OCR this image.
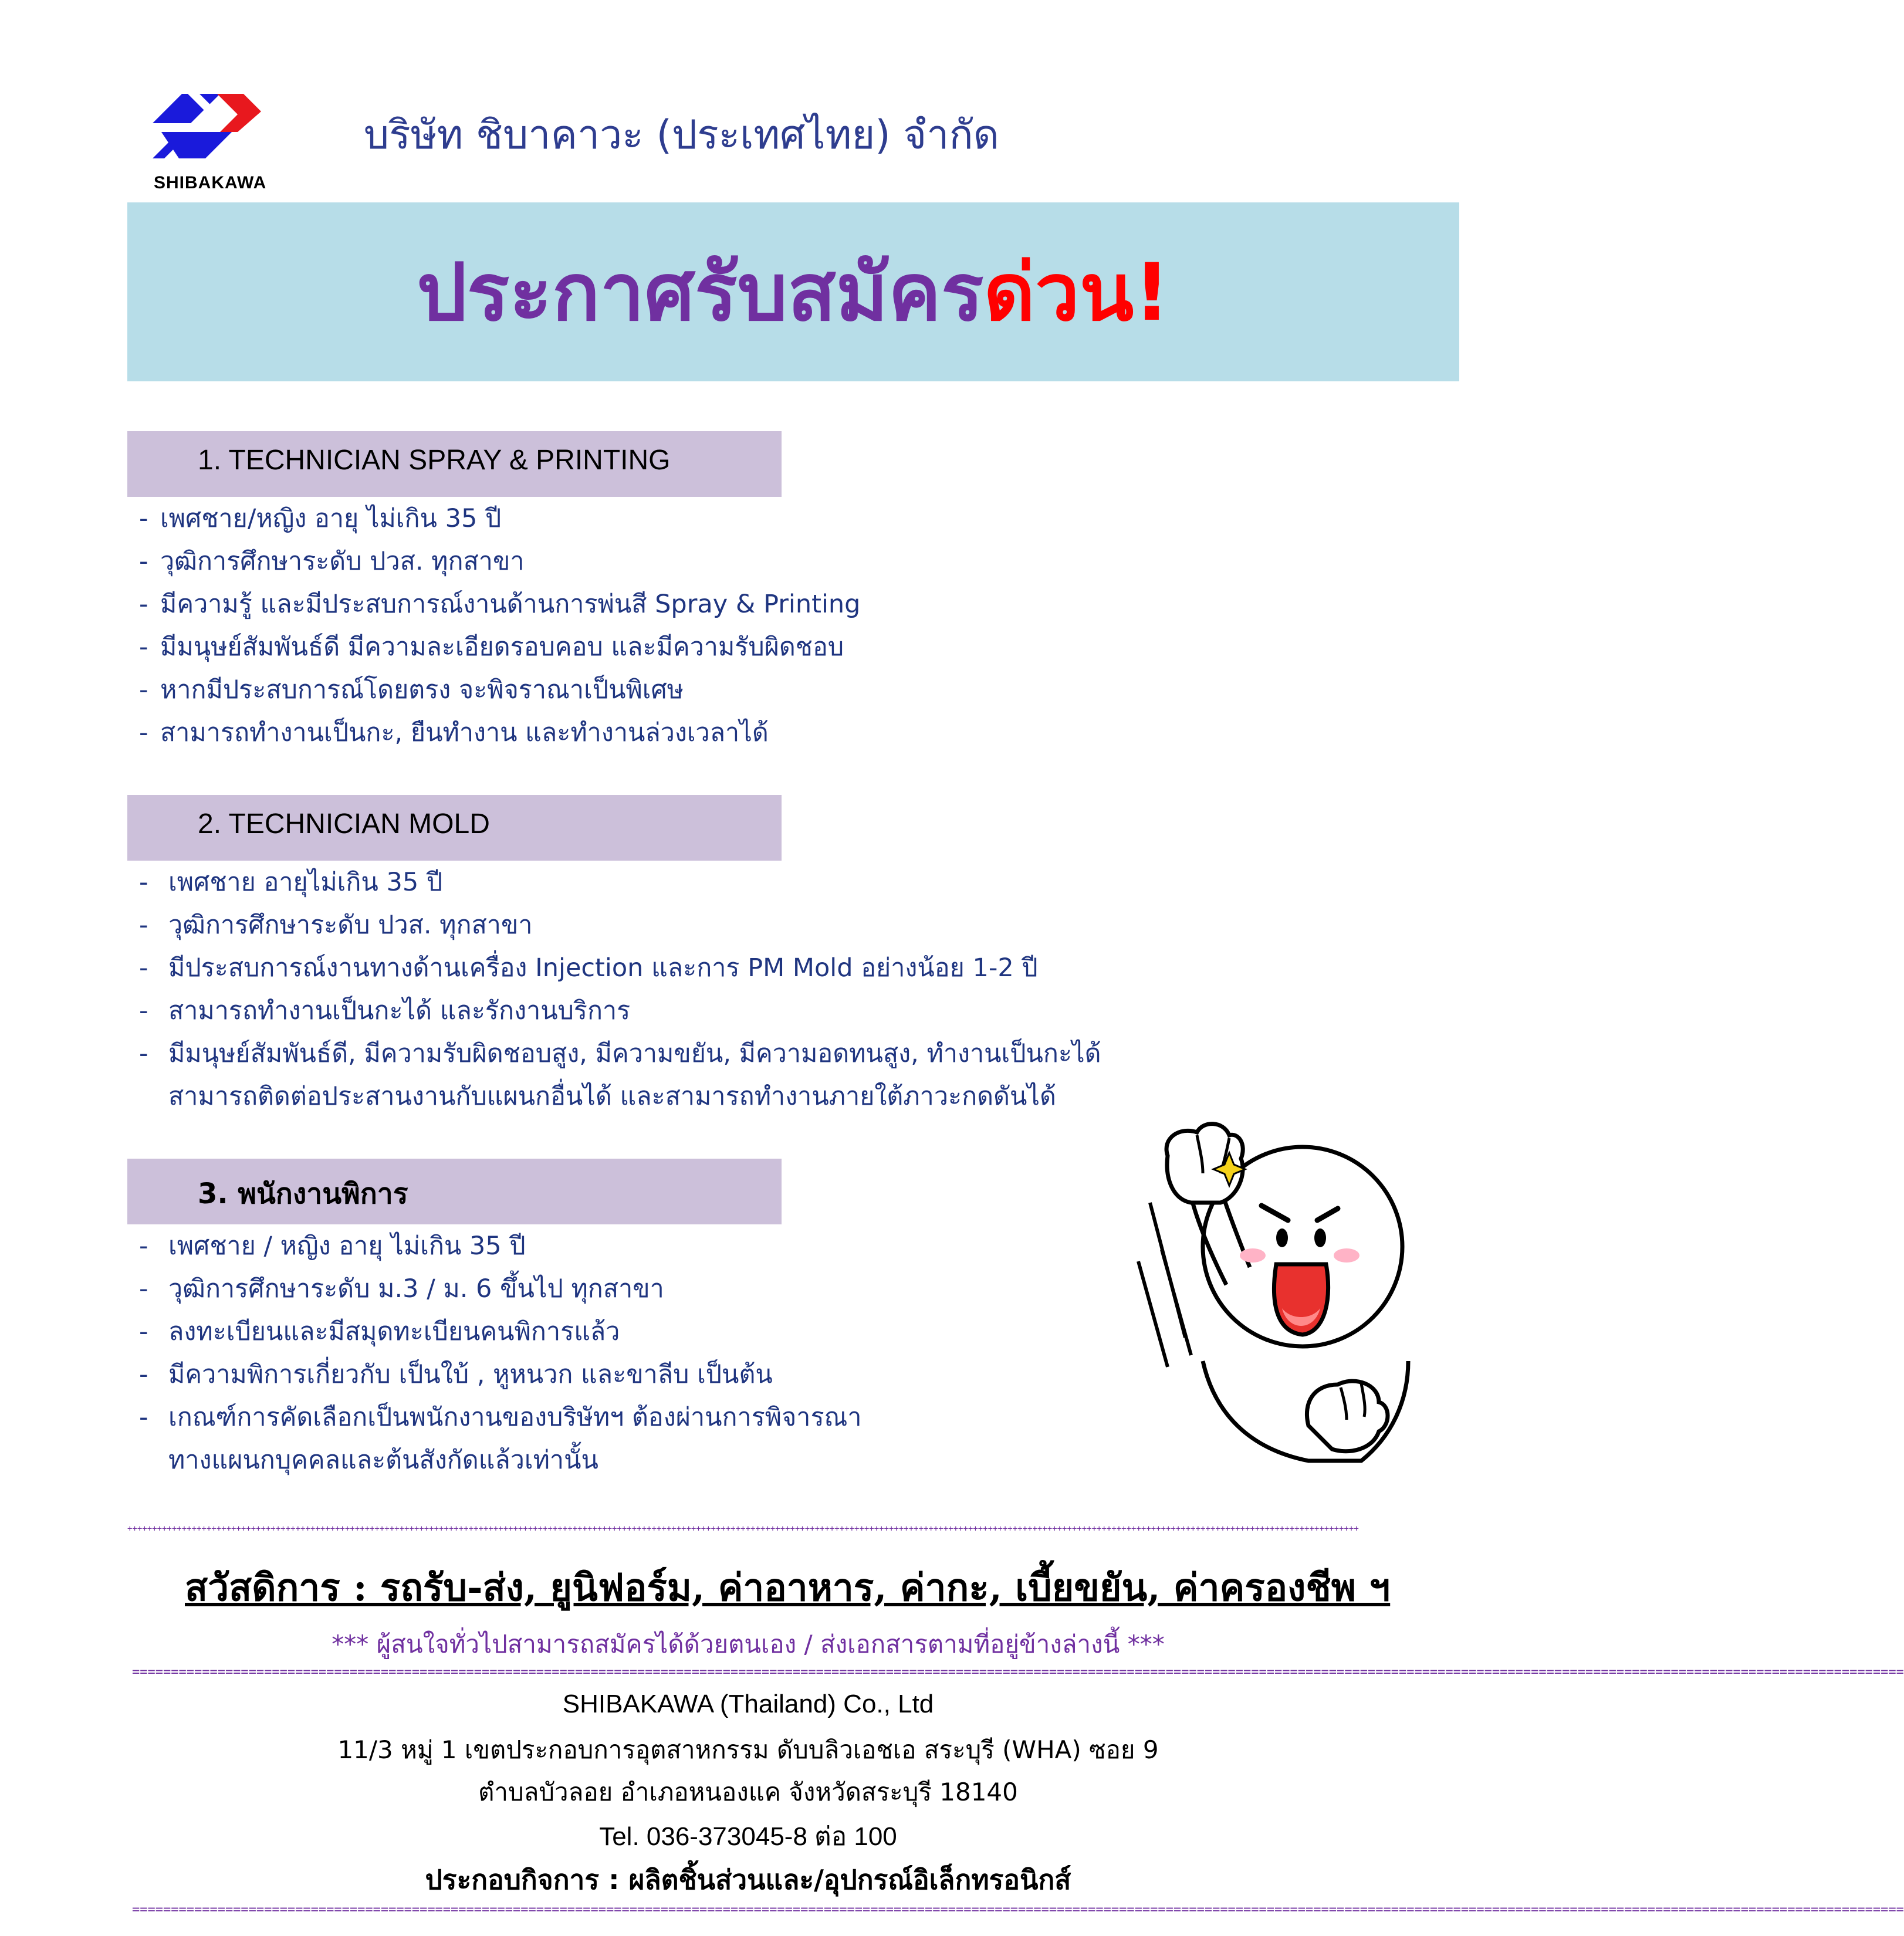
SHIBAKAWA
บริษัท ชิบาคาวะ (ประเทศไทย) จำกัด
ประกาศรับสมัคร ด่วน!
1. TECHNICIAN SPRAY & PRINTING
- เพศชาย/หญิง อายุ ไม่เกิน 35 ปี
- วุฒิการศึกษาระดับ ปวส. ทุกสาขา
- มีความรู้ และมีประสบการณ์งานด้านการพ่นสี Spray & Printing
- มีมนุษย์สัมพันธ์ดี มีความละเอียดรอบคอบ และมีความรับผิดชอบ
- หากมีประสบการณ์โดยตรง จะพิจราณาเป็นพิเศษ
- สามารถทำงานเป็นกะ, ยืนทำงาน และทำงานล่วงเวลาได้
2. TECHNICIAN MOLD
- เพศชาย อายุไม่เกิน 35 ปี
- วุฒิการศึกษาระดับ ปวส. ทุกสาขา
- มีประสบการณ์งานทางด้านเครื่อง Injection และการ PM Mold อย่างน้อย 1-2 ปี
- สามารถทำงานเป็นกะได้ และรักงานบริการ
- มีมนุษย์สัมพันธ์ดี, มีความรับผิดชอบสูง, มีความขยัน, มีความอดทนสูง, ทำงานเป็นกะได้
สามารถติดต่อประสานงานกับแผนกอื่นได้ และสามารถทำงานภายใต้ภาวะกดดันได้
3. พนักงานพิการ
- เพศชาย / หญิง อายุ ไม่เกิน 35 ปี
- วุฒิการศึกษาระดับ ม.3 / ม. 6 ขึ้นไป ทุกสาขา
- ลงทะเบียนและมีสมุดทะเบียนคนพิการแล้ว
- มีความพิการเกี่ยวกับ เป็นใบ้ , หูหนวก และขาลีบ เป็นต้น
- เกณฑ์การคัดเลือกเป็นพนักงานของบริษัทฯ ต้องผ่านการพิจารณา
ทางแผนกบุคคลและต้นสังกัดแล้วเท่านั้น
+++++++++++++++++++++++++++++++++++++++++++++++++++++++++++++++++++++++++++++++++++++++++++++++++++++++++++++++++++++++++++++++++++++++++++++++++++++++++++++++++++++++++++++++++++++++++++++++++++++++++++++++++++++++++++++++++++++++++++++++++++++++++
สวัสดิการ : รถรับ-ส่ง, ยูนิฟอร์ม, ค่าอาหาร, ค่ากะ, เบี้ยขยัน, ค่าครองชีพ ฯ
*** ผู้สนใจทั่วไปสามารถสมัครได้ด้วยตนเอง / ส่งเอกสารตามที่อยู่ข้างล่างนี้ ***
====================================================================================================================================================================================================================================
SHIBAKAWA (Thailand) Co., Ltd
11/3 หมู่ 1 เขตประกอบการอุตสาหกรรม ดับบลิวเอชเอ สระบุรี (WHA) ซอย 9
ตำบลบัวลอย อำเภอหนองแค จังหวัดสระบุรี 18140
Tel. 036-373045-8 ต่อ 100
ประกอบกิจการ : ผลิตชิ้นส่วนและ/อุปกรณ์อิเล็กทรอนิกส์
====================================================================================================================================================================================================================================
